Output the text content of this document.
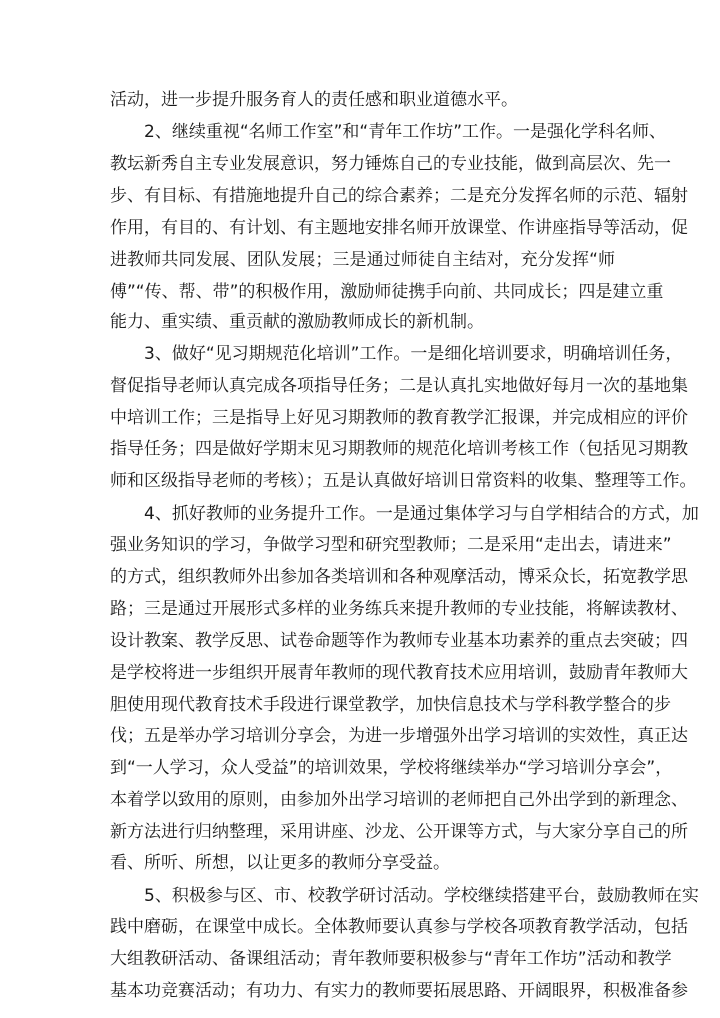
活动，进一步提升服务育人的责任感和职业道德水平。
2、继续重视“名师工作室”和“青年工作坊”工作。一是强化学科名师、
教坛新秀自主专业发展意识，努力锤炼自己的专业技能，做到高层次、先一
步、有目标、有措施地提升自己的综合素养；二是充分发挥名师的示范、辐射
作用，有目的、有计划、有主题地安排名师开放课堂、作讲座指导等活动，促
进教师共同发展、团队发展；三是通过师徒自主结对，充分发挥“师
傅”“传、帮、带”的积极作用，激励师徒携手向前、共同成长；四是建立重
能力、重实绩、重贡献的激励教师成长的新机制。
3、做好“见习期规范化培训”工作。一是细化培训要求，明确培训任务，
督促指导老师认真完成各项指导任务；二是认真扎实地做好每月一次的基地集
中培训工作；三是指导上好见习期教师的教育教学汇报课，并完成相应的评价
指导任务；四是做好学期末见习期教师的规范化培训考核工作（包括见习期教
师和区级指导老师的考核）；五是认真做好培训日常资料的收集、整理等工作。
4、抓好教师的业务提升工作。一是通过集体学习与自学相结合的方式，加
强业务知识的学习，争做学习型和研究型教师；二是采用“走出去，请进来”
的方式，组织教师外出参加各类培训和各种观摩活动，博采众长，拓宽教学思
路；三是通过开展形式多样的业务练兵来提升教师的专业技能，将解读教材、
设计教案、教学反思、试卷命题等作为教师专业基本功素养的重点去突破；四
是学校将进一步组织开展青年教师的现代教育技术应用培训，鼓励青年教师大
胆使用现代教育技术手段进行课堂教学，加快信息技术与学科教学整合的步
伐；五是举办学习培训分享会，为进一步增强外出学习培训的实效性，真正达
到“一人学习，众人受益”的培训效果，学校将继续举办“学习培训分享会”，
本着学以致用的原则，由参加外出学习培训的老师把自己外出学到的新理念、
新方法进行归纳整理，采用讲座、沙龙、公开课等方式，与大家分享自己的所
看、所听、所想，以让更多的教师分享受益。
5、积极参与区、市、校教学研讨活动。学校继续搭建平台，鼓励教师在实
践中磨砺，在课堂中成长。全体教师要认真参与学校各项教育教学活动，包括
大组教研活动、备课组活动；青年教师要积极参与“青年工作坊”活动和教学
基本功竞赛活动；有功力、有实力的教师要拓展思路、开阔眼界，积极准备参
